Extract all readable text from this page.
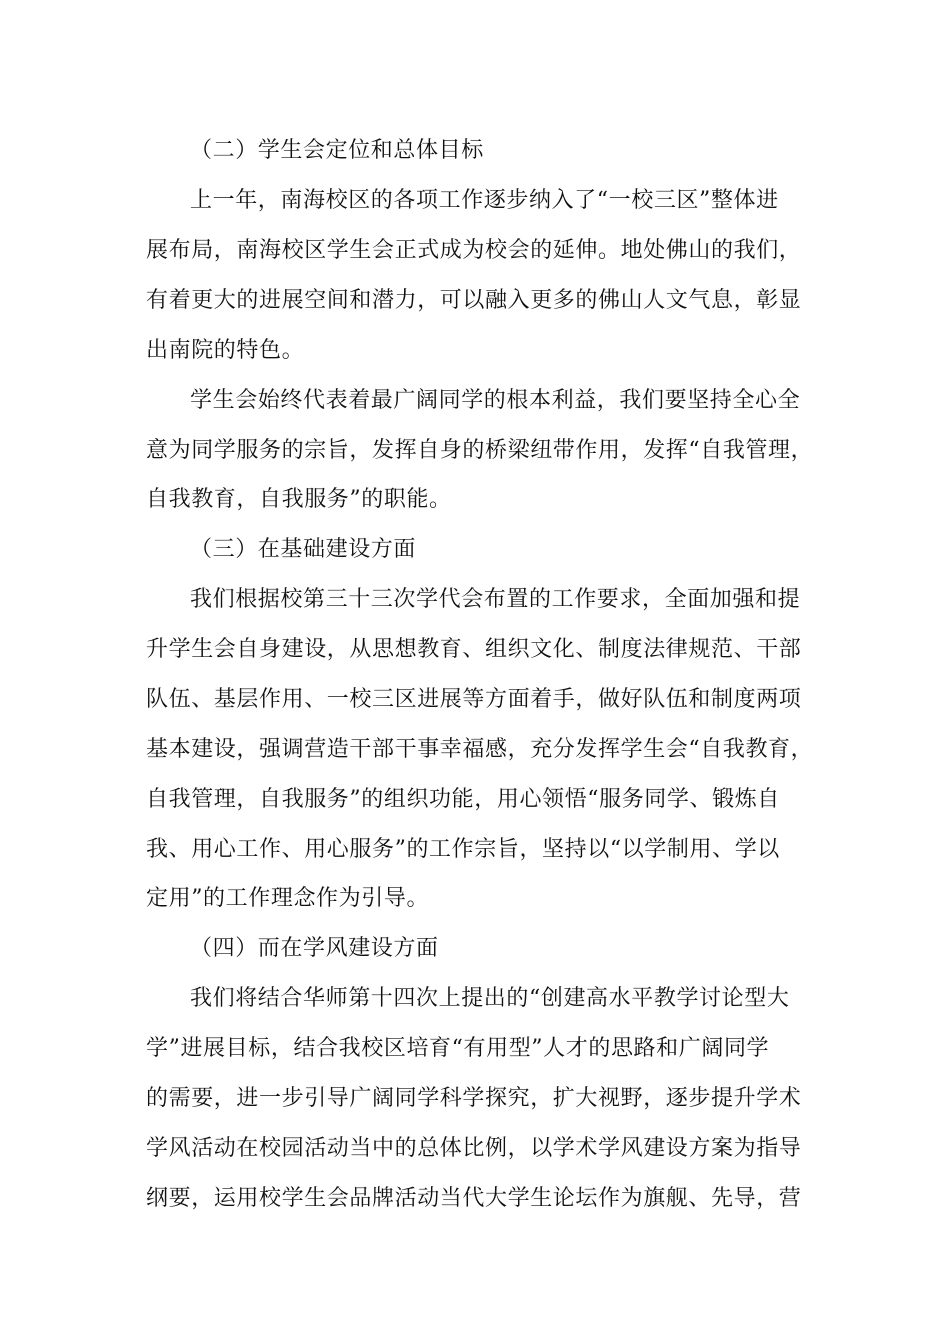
（二）学生会定位和总体目标

上一年，南海校区的各项工作逐步纳入了“一校三区”整体进

展布局，南海校区学生会正式成为校会的延伸。地处佛山的我们，

有着更大的进展空间和潜力，可以融入更多的佛山人文气息，彰显

出南院的特色。

学生会始终代表着最广阔同学的根本利益，我们要坚持全心全

意为同学服务的宗旨，发挥自身的桥梁纽带作用，发挥“自我管理，

自我教育，自我服务”的职能。

（三）在基础建设方面

我们根据校第三十三次学代会布置的工作要求，全面加强和提

升学生会自身建设，从思想教育、组织文化、制度法律规范、干部

队伍、基层作用、一校三区进展等方面着手，做好队伍和制度两项

基本建设，强调营造干部干事幸福感，充分发挥学生会“自我教育，

自我管理，自我服务”的组织功能，用心领悟“服务同学、锻炼自

我、用心工作、用心服务”的工作宗旨，坚持以“以学制用、学以

定用”的工作理念作为引导。

（四）而在学风建设方面

我们将结合华师第十四次上提出的“创建高水平教学讨论型大

学”进展目标，结合我校区培育“有用型”人才的思路和广阔同学

的需要，进一步引导广阔同学科学探究，扩大视野，逐步提升学术

学风活动在校园活动当中的总体比例，以学术学风建设方案为指导

纲要，运用校学生会品牌活动当代大学生论坛作为旗舰、先导，营
